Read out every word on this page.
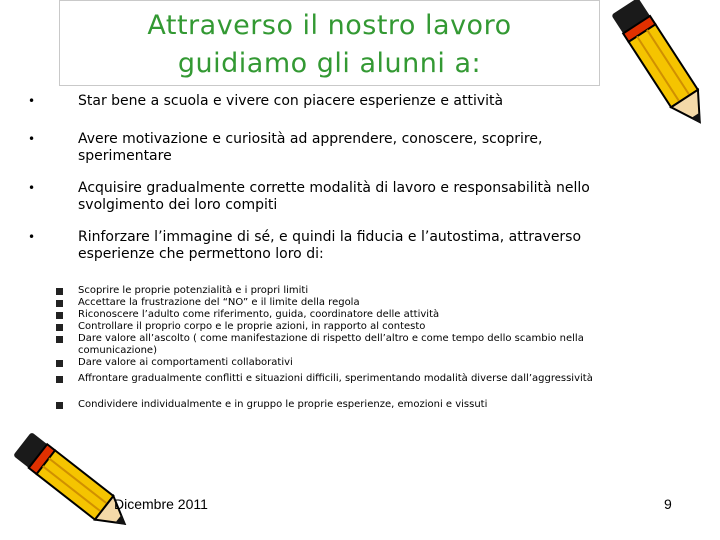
Attraverso il nostro lavoro
guidiamo gli alunni a:
•	Star bene a scuola e vivere con piacere esperienze e attività
•	Avere motivazione e curiosità ad apprendere, conoscere, scoprire, sperimentare
•	Acquisire gradualmente corrette modalità di lavoro e responsabilità nello svolgimento dei loro compiti
•	Rinforzare l’immagine di sé, e quindi la fiducia e l’autostima, attraverso esperienze che permettono loro di:
Scoprire le proprie potenzialità e i propri limiti
Accettare la frustrazione del “NO” e il limite della regola
Riconoscere l’adulto come riferimento, guida, coordinatore delle attività
Controllare il proprio corpo e le proprie azioni, in rapporto al contesto
Dare valore all’ascolto ( come manifestazione di rispetto dell’altro e come tempo dello scambio nella comunicazione)
Dare valore ai comportamenti collaborativi
Affrontare gradualmente conflitti e situazioni difficili, sperimentando modalità diverse dall’aggressività
Condividere individualmente e in gruppo le proprie esperienze, emozioni e vissuti
Dicembre 2011	9
